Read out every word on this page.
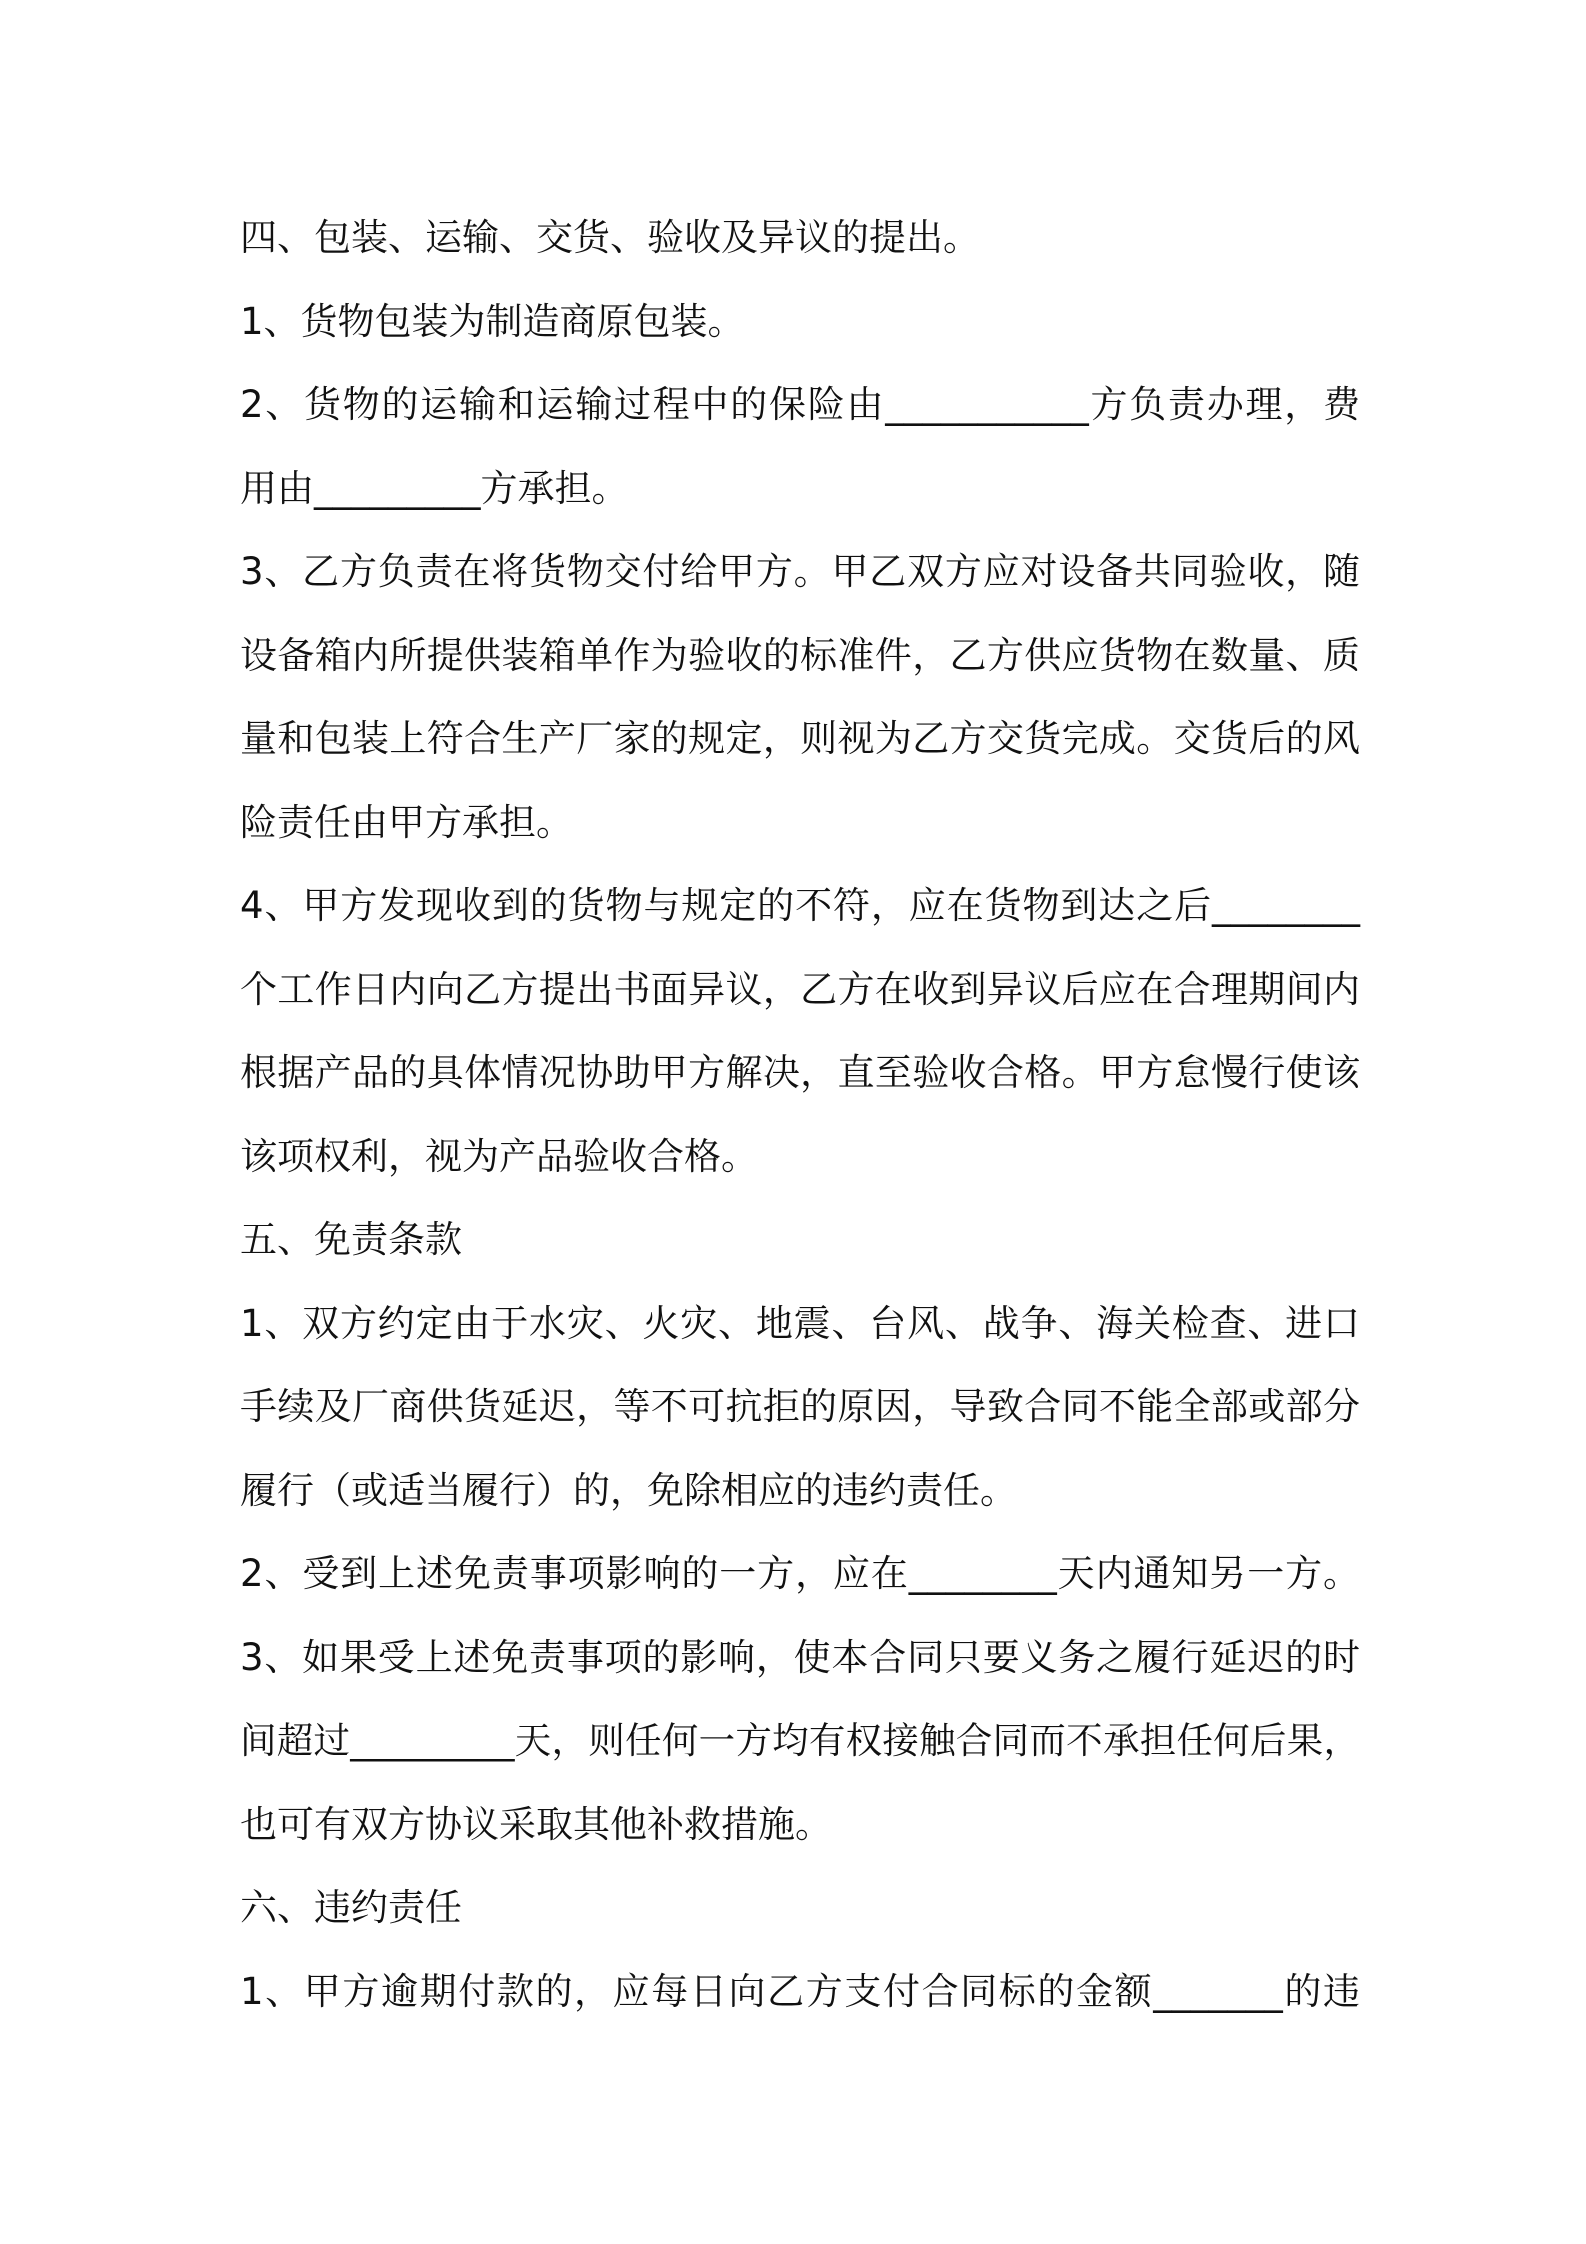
四、包装、运输、交货、验收及异议的提出。
1、货物包装为制造商原包装。
2、货物的运输和运输过程中的保险由___________方负责办理，费
用由_________方承担。
3、乙方负责在将货物交付给甲方。甲乙双方应对设备共同验收，随
设备箱内所提供装箱单作为验收的标准件，乙方供应货物在数量、质
量和包装上符合生产厂家的规定，则视为乙方交货完成。交货后的风
险责任由甲方承担。
4、甲方发现收到的货物与规定的不符，应在货物到达之后________
个工作日内向乙方提出书面异议，乙方在收到异议后应在合理期间内
根据产品的具体情况协助甲方解决，直至验收合格。甲方怠慢行使该
该项权利，视为产品验收合格。
五、免责条款
1、双方约定由于水灾、火灾、地震、台风、战争、海关检查、进口
手续及厂商供货延迟，等不可抗拒的原因，导致合同不能全部或部分
履行（或适当履行）的，免除相应的违约责任。
2、受到上述免责事项影响的一方，应在________天内通知另一方。
3、如果受上述免责事项的影响，使本合同只要义务之履行延迟的时
间超过_________天，则任何一方均有权接触合同而不承担任何后果，
也可有双方协议采取其他补救措施。
六、违约责任
1、甲方逾期付款的，应每日向乙方支付合同标的金额_______的违
